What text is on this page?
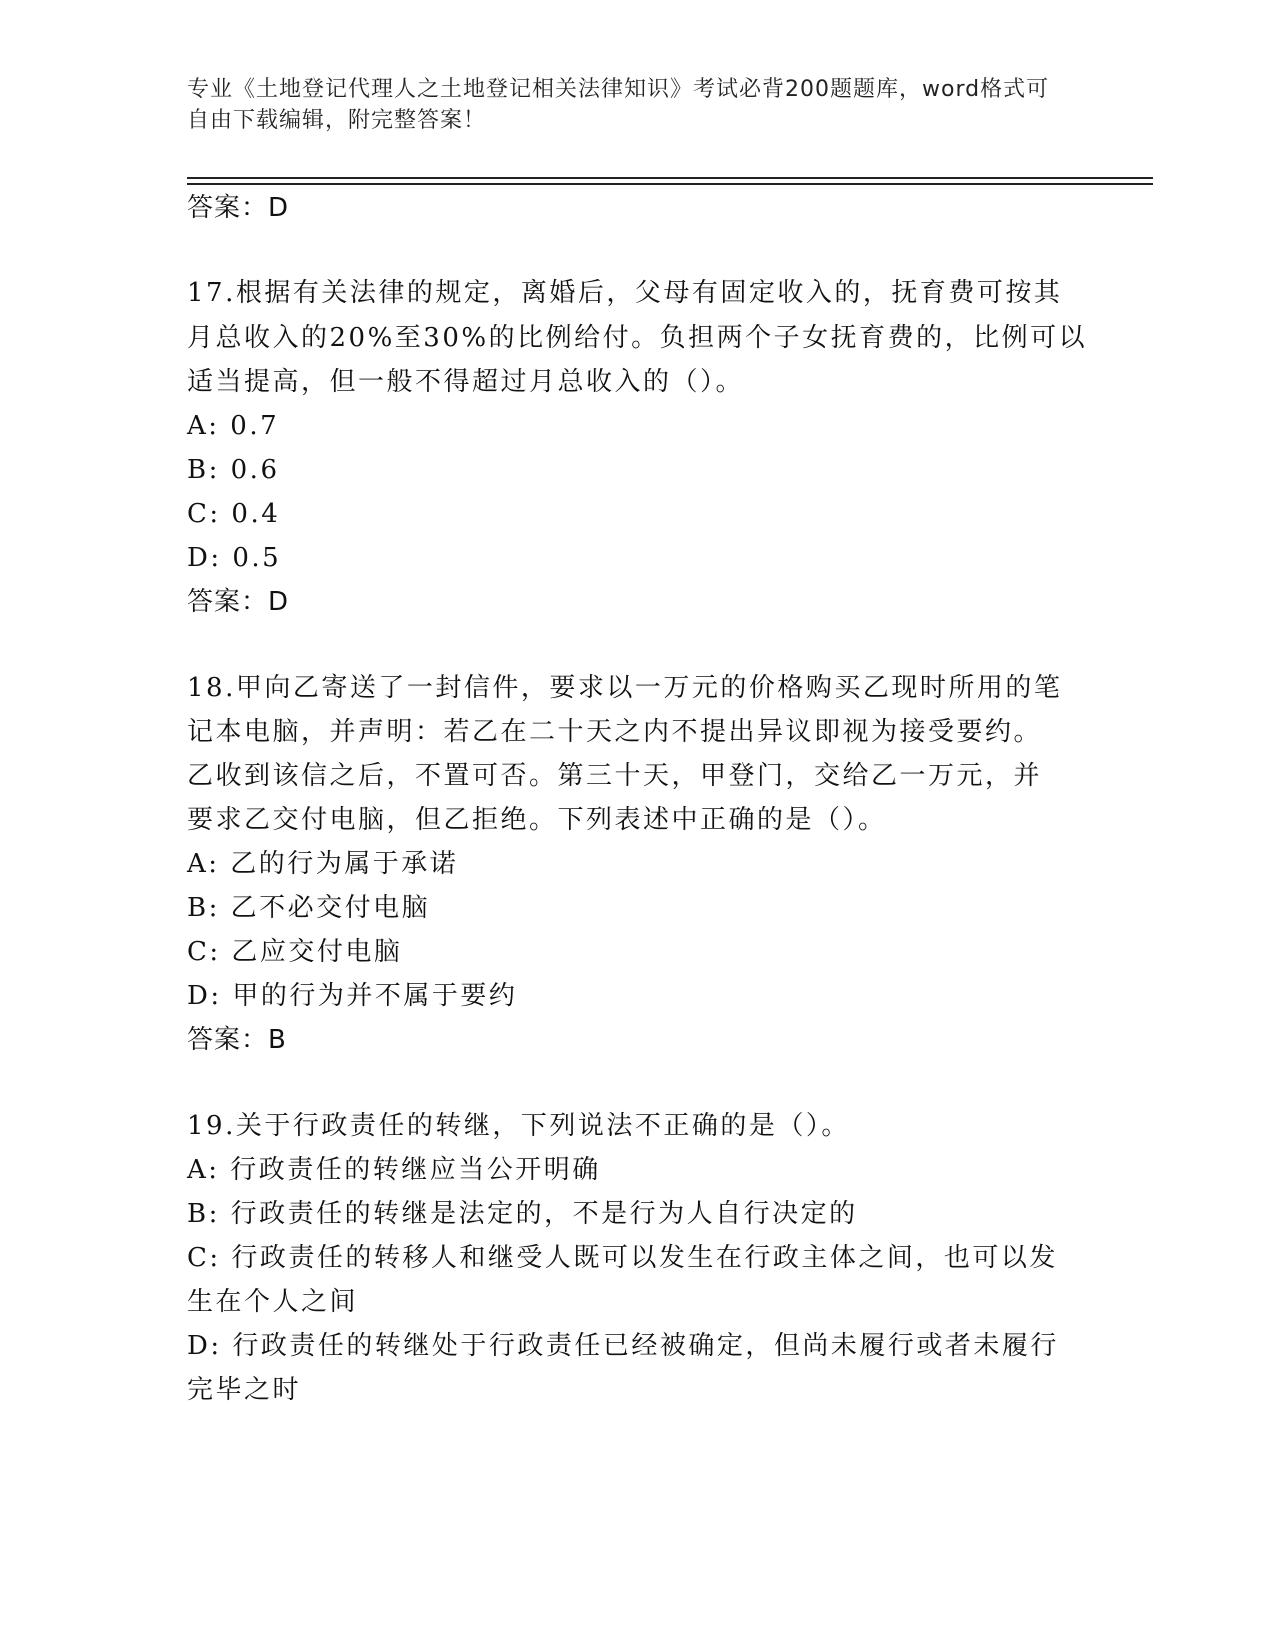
专业《土地登记代理人之土地登记相关法律知识》考试必背200题题库，word格式可自由下载编辑，附完整答案！
答案：D
17.根据有关法律的规定，离婚后，父母有固定收入的，抚育费可按其
月总收入的20%至30%的比例给付。负担两个子女抚育费的，比例可以
适当提高，但一般不得超过月总收入的（）。
A: 0.7
B: 0.6
C: 0.4
D: 0.5
答案：D
18.甲向乙寄送了一封信件，要求以一万元的价格购买乙现时所用的笔
记本电脑，并声明：若乙在二十天之内不提出异议即视为接受要约。
乙收到该信之后，不置可否。第三十天，甲登门，交给乙一万元，并
要求乙交付电脑，但乙拒绝。下列表述中正确的是（）。
A: 乙的行为属于承诺
B: 乙不必交付电脑
C: 乙应交付电脑
D: 甲的行为并不属于要约
答案：B
19.关于行政责任的转继，下列说法不正确的是（）。
A: 行政责任的转继应当公开明确
B: 行政责任的转继是法定的，不是行为人自行决定的
C: 行政责任的转移人和继受人既可以发生在行政主体之间，也可以发
生在个人之间
D: 行政责任的转继处于行政责任已经被确定，但尚未履行或者未履行
完毕之时
